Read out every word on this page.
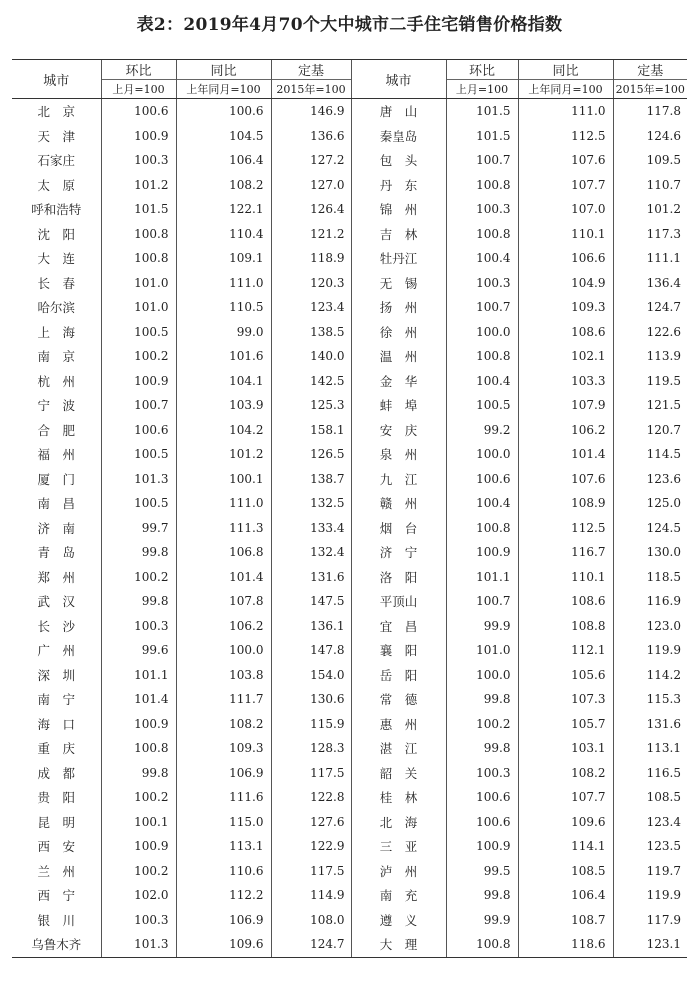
表2：2019年4月70个大中城市二手住宅销售价格指数
城市	环比	同比	定基	城市	环比	同比	定基
	上月=100	上年同月=100	2015年=100		上月=100	上年同月=100	2015年=100
北　京	100.6	100.6	146.9	唐　山	101.5	111.0	117.8
天　津	100.9	104.5	136.6	秦皇岛	101.5	112.5	124.6
石家庄	100.3	106.4	127.2	包　头	100.7	107.6	109.5
太　原	101.2	108.2	127.0	丹　东	100.8	107.7	110.7
呼和浩特	101.5	122.1	126.4	锦　州	100.3	107.0	101.2
沈　阳	100.8	110.4	121.2	吉　林	100.8	110.1	117.3
大　连	100.8	109.1	118.9	牡丹江	100.4	106.6	111.1
长　春	101.0	111.0	120.3	无　锡	100.3	104.9	136.4
哈尔滨	101.0	110.5	123.4	扬　州	100.7	109.3	124.7
上　海	100.5	99.0	138.5	徐　州	100.0	108.6	122.6
南　京	100.2	101.6	140.0	温　州	100.8	102.1	113.9
杭　州	100.9	104.1	142.5	金　华	100.4	103.3	119.5
宁　波	100.7	103.9	125.3	蚌　埠	100.5	107.9	121.5
合　肥	100.6	104.2	158.1	安　庆	99.2	106.2	120.7
福　州	100.5	101.2	126.5	泉　州	100.0	101.4	114.5
厦　门	101.3	100.1	138.7	九　江	100.6	107.6	123.6
南　昌	100.5	111.0	132.5	赣　州	100.4	108.9	125.0
济　南	99.7	111.3	133.4	烟　台	100.8	112.5	124.5
青　岛	99.8	106.8	132.4	济　宁	100.9	116.7	130.0
郑　州	100.2	101.4	131.6	洛　阳	101.1	110.1	118.5
武　汉	99.8	107.8	147.5	平顶山	100.7	108.6	116.9
长　沙	100.3	106.2	136.1	宜　昌	99.9	108.8	123.0
广　州	99.6	100.0	147.8	襄　阳	101.0	112.1	119.9
深　圳	101.1	103.8	154.0	岳　阳	100.0	105.6	114.2
南　宁	101.4	111.7	130.6	常　德	99.8	107.3	115.3
海　口	100.9	108.2	115.9	惠　州	100.2	105.7	131.6
重　庆	100.8	109.3	128.3	湛　江	99.8	103.1	113.1
成　都	99.8	106.9	117.5	韶　关	100.3	108.2	116.5
贵　阳	100.2	111.6	122.8	桂　林	100.6	107.7	108.5
昆　明	100.1	115.0	127.6	北　海	100.6	109.6	123.4
西　安	100.9	113.1	122.9	三　亚	100.9	114.1	123.5
兰　州	100.2	110.6	117.5	泸　州	99.5	108.5	119.7
西　宁	102.0	112.2	114.9	南　充	99.8	106.4	119.9
银　川	100.3	106.9	108.0	遵　义	99.9	108.7	117.9
乌鲁木齐	101.3	109.6	124.7	大　理	100.8	118.6	123.1
